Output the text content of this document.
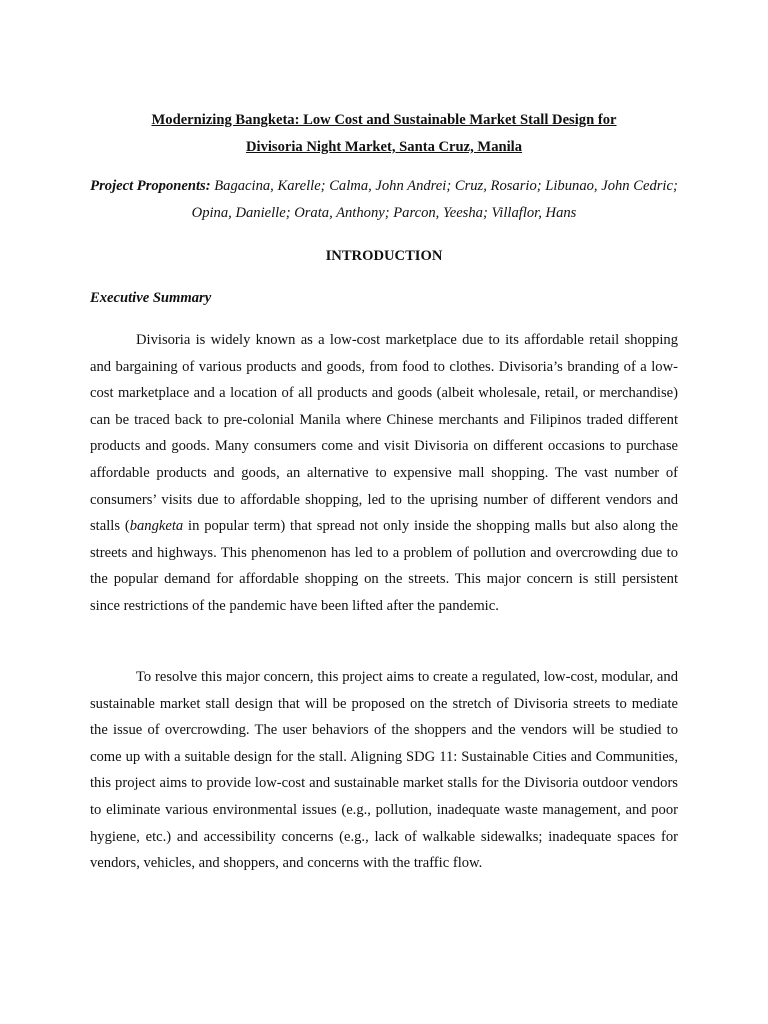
Modernizing Bangketa: Low Cost and Sustainable Market Stall Design for
Divisoria Night Market, Santa Cruz, Manila
Project Proponents: Bagacina, Karelle; Calma, John Andrei; Cruz, Rosario; Libunao, John Cedric; Opina, Danielle; Orata, Anthony; Parcon, Yeesha; Villaflor, Hans
INTRODUCTION
Executive Summary

Divisoria is widely known as a low-cost marketplace due to its affordable retail shopping and bargaining of various products and goods, from food to clothes. Divisoria’s branding of a low-cost marketplace and a location of all products and goods (albeit wholesale, retail, or merchandise) can be traced back to pre-colonial Manila where Chinese merchants and Filipinos traded different products and goods. Many consumers come and visit Divisoria on different occasions to purchase affordable products and goods, an alternative to expensive mall shopping. The vast number of consumers’ visits due to affordable shopping, led to the uprising number of different vendors and stalls (bangketa in popular term) that spread not only inside the shopping malls but also along the streets and highways. This phenomenon has led to a problem of pollution and overcrowding due to the popular demand for affordable shopping on the streets. This major concern is still persistent since restrictions of the pandemic have been lifted after the pandemic.

To resolve this major concern, this project aims to create a regulated, low-cost, modular, and sustainable market stall design that will be proposed on the stretch of Divisoria streets to mediate the issue of overcrowding. The user behaviors of the shoppers and the vendors will be studied to come up with a suitable design for the stall. Aligning SDG 11: Sustainable Cities and Communities, this project aims to provide low-cost and sustainable market stalls for the Divisoria outdoor vendors to eliminate various environmental issues (e.g., pollution, inadequate waste management, and poor hygiene, etc.) and accessibility concerns (e.g., lack of walkable sidewalks; inadequate spaces for vendors, vehicles, and shoppers, and concerns with the traffic flow.
